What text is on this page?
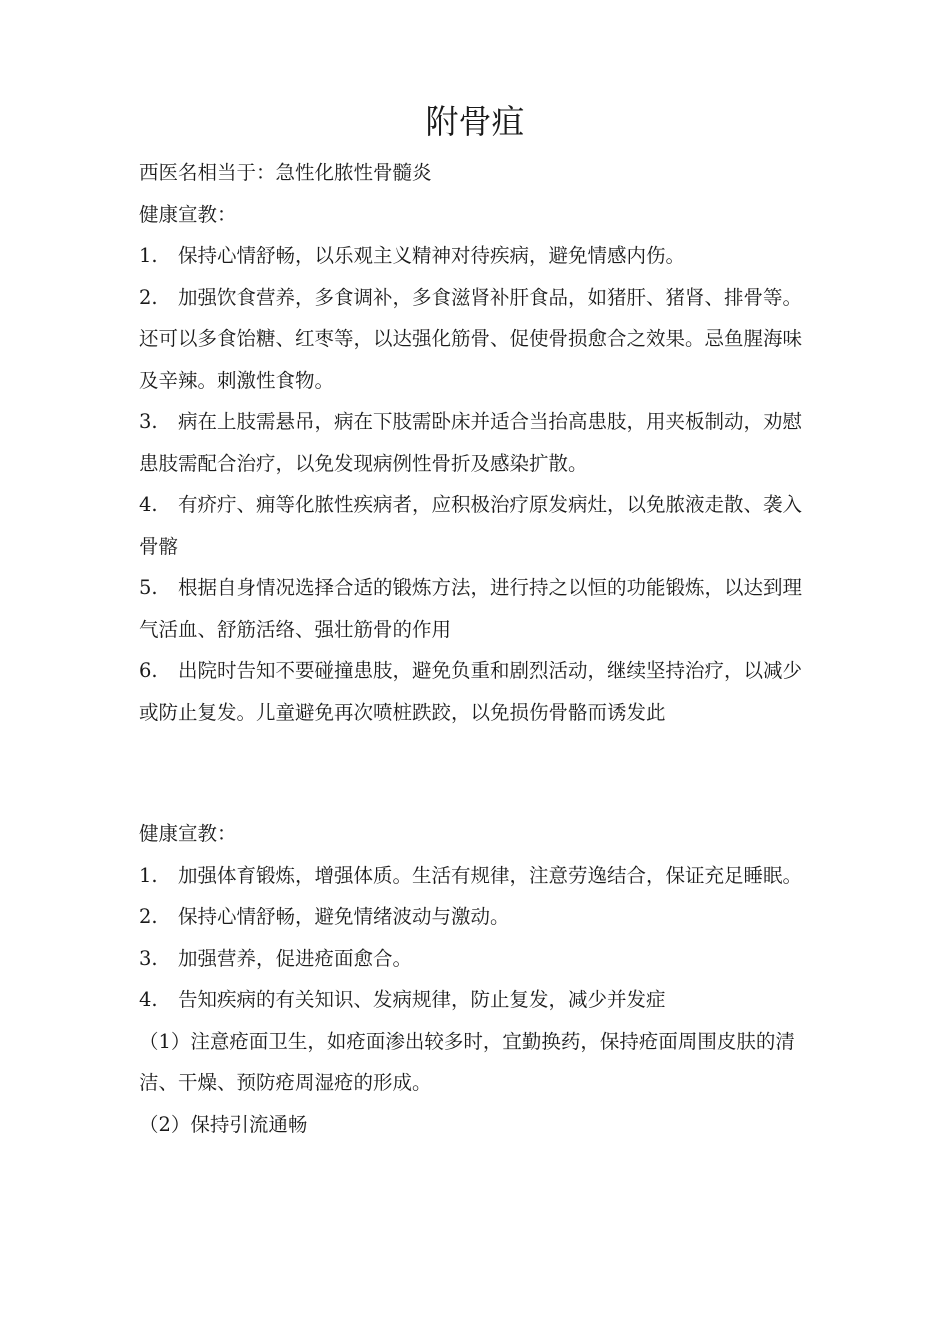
附骨疽

西医名相当于：急性化脓性骨髓炎

健康宣教：

1. 保持心情舒畅，以乐观主义精神对待疾病，避免情感内伤。

2. 加强饮食营养，多食调补，多食滋肾补肝食品，如猪肝、猪肾、排骨等。还可以多食饴糖、红枣等，以达强化筋骨、促使骨损愈合之效果。忌鱼腥海味及辛辣。刺激性食物。

3. 病在上肢需悬吊，病在下肢需卧床并适合当抬高患肢，用夹板制动，劝慰患肢需配合治疗，以免发现病例性骨折及感染扩散。

4. 有疥疔、痈等化脓性疾病者，应积极治疗原发病灶，以免脓液走散、袭入骨髂

5. 根据自身情况选择合适的锻炼方法，进行持之以恒的功能锻炼，以达到理气活血、舒筋活络、强壮筋骨的作用

6. 出院时告知不要碰撞患肢，避免负重和剧烈活动，继续坚持治疗，以减少或防止复发。儿童避免再次喷桩跌跤，以免损伤骨骼而诱发此

健康宣教：

1. 加强体育锻炼，增强体质。生活有规律，注意劳逸结合，保证充足睡眠。

2. 保持心情舒畅，避免情绪波动与激动。

3. 加强营养，促进疮面愈合。

4. 告知疾病的有关知识、发病规律，防止复发，减少并发症

（1）注意疮面卫生，如疮面渗出较多时，宜勤换药，保持疮面周围皮肤的清洁、干燥、预防疮周湿疮的形成。

（2）保持引流通畅
